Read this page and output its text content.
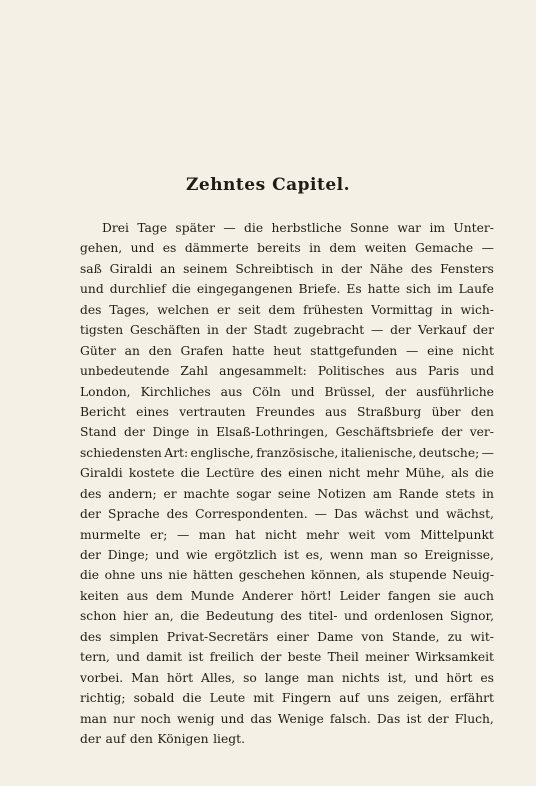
Zehntes Capitel.
Drei Tage später — die herbstliche Sonne war im Unter-
gehen, und es dämmerte bereits in dem weiten Gemache —
saß Giraldi an seinem Schreibtisch in der Nähe des Fensters
und durchlief die eingegangenen Briefe. Es hatte sich im Laufe
des Tages, welchen er seit dem frühesten Vormittag in wich-
tigsten Geschäften in der Stadt zugebracht — der Verkauf der
Güter an den Grafen hatte heut stattgefunden — eine nicht
unbedeutende Zahl angesammelt: Politisches aus Paris und
London, Kirchliches aus Cöln und Brüssel, der ausführliche
Bericht eines vertrauten Freundes aus Straßburg über den
Stand der Dinge in Elsaß-Lothringen, Geschäftsbriefe der ver-
schiedensten Art: englische, französische, italienische, deutsche; —
Giraldi kostete die Lectüre des einen nicht mehr Mühe, als die
des andern; er machte sogar seine Notizen am Rande stets in
der Sprache des Correspondenten. — Das wächst und wächst,
murmelte er; — man hat nicht mehr weit vom Mittelpunkt
der Dinge; und wie ergötzlich ist es, wenn man so Ereignisse,
die ohne uns nie hätten geschehen können, als stupende Neuig-
keiten aus dem Munde Anderer hört! Leider fangen sie auch
schon hier an, die Bedeutung des titel- und ordenlosen Signor,
des simplen Privat-Secretärs einer Dame von Stande, zu wit-
tern, und damit ist freilich der beste Theil meiner Wirksamkeit
vorbei. Man hört Alles, so lange man nichts ist, und hört es
richtig; sobald die Leute mit Fingern auf uns zeigen, erfährt
man nur noch wenig und das Wenige falsch. Das ist der Fluch,
der auf den Königen liegt.
